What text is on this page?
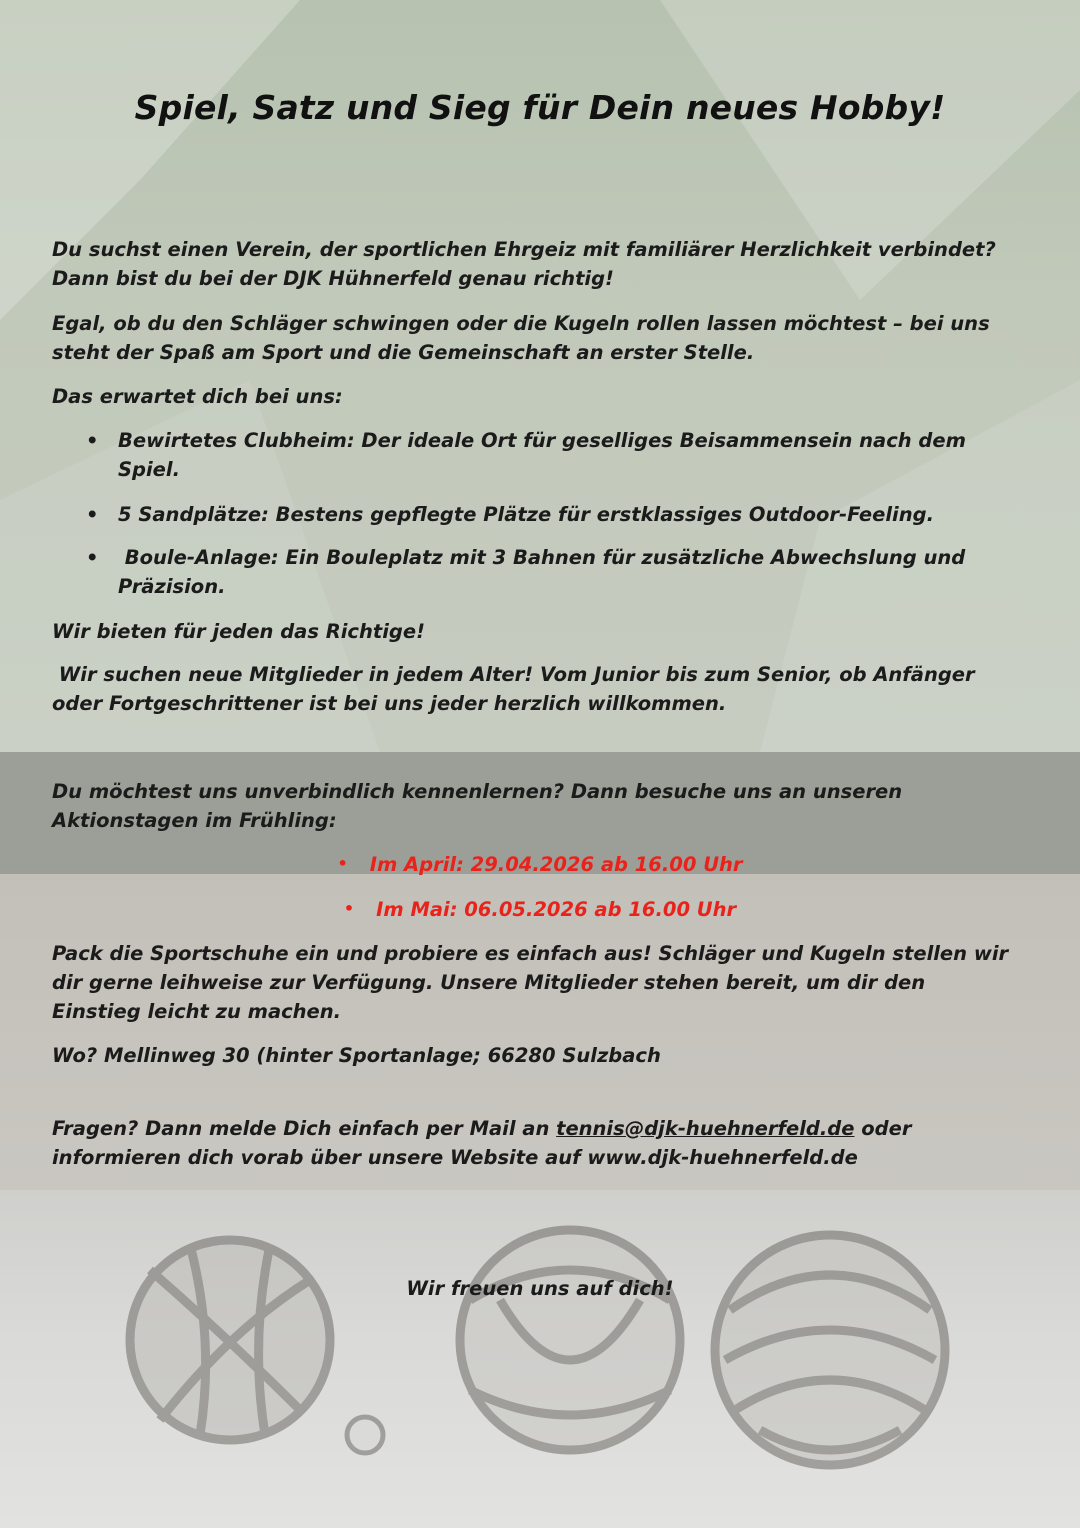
Spiel, Satz und Sieg für Dein neues Hobby!

Du suchst einen Verein, der sportlichen Ehrgeiz mit familiärer Herzlichkeit verbindet?
Dann bist du bei der DJK Hühnerfeld genau richtig!

Egal, ob du den Schläger schwingen oder die Kugeln rollen lassen möchtest – bei uns
steht der Spaß am Sport und die Gemeinschaft an erster Stelle.

Das erwartet dich bei uns:

• Bewirtetes Clubheim: Der ideale Ort für geselliges Beisammensein nach dem
Spiel.

• 5 Sandplätze: Bestens gepflegte Plätze für erstklassiges Outdoor-Feeling.

• Boule-Anlage: Ein Bouleplatz mit 3 Bahnen für zusätzliche Abwechslung und
Präzision.

Wir bieten für jeden das Richtige!

Wir suchen neue Mitglieder in jedem Alter! Vom Junior bis zum Senior, ob Anfänger
oder Fortgeschrittener ist bei uns jeder herzlich willkommen.

Du möchtest uns unverbindlich kennenlernen? Dann besuche uns an unseren
Aktionstagen im Frühling:

• Im April: 29.04.2026 ab 16.00 Uhr

• Im Mai: 06.05.2026 ab 16.00 Uhr

Pack die Sportschuhe ein und probiere es einfach aus! Schläger und Kugeln stellen wir
dir gerne leihweise zur Verfügung. Unsere Mitglieder stehen bereit, um dir den
Einstieg leicht zu machen.

Wo? Mellinweg 30 (hinter Sportanlage; 66280 Sulzbach

Fragen? Dann melde Dich einfach per Mail an tennis@djk-huehnerfeld.de oder
informieren dich vorab über unsere Website auf www.djk-huehnerfeld.de

Wir freuen uns auf dich!
